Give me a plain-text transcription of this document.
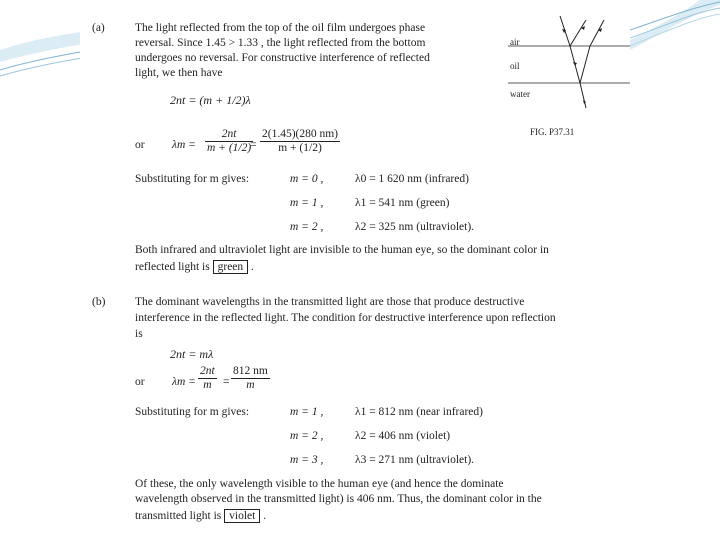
(a)	The light reflected from the top of the oil film undergoes phase
reversal. Since 1.45 > 1.33 , the light reflected from the bottom
undergoes no reversal. For constructive interference of reflected
light, we then have
2nt = (m + 1/2)λ
or $\lambda m = \frac{2nt}{m + (1/2)}$
= $\frac{2(1.45)(280 nm)}{m + (1/2)}$
Substituting for m gives:	m = 0 ,	λ0 = 1 620 nm (infrared)
m = 1 ,	λ1 = 541 nm (green)
m = 2 ,	λ2 = 325 nm (ultraviolet).
Both infrared and ultraviolet light are invisible to the human eye, so the dominant color in
reflected light is green .
air
oil
water
FIG. P37.31
(b)	The dominant wavelengths in the transmitted light are those that produce destructive
interference in the reflected light. The condition for destructive interference upon reflection
is
2nt = mλ
or $\lambda m = \frac{2nt}{m} = \frac{812 nm}{m}$
Substituting for m gives:	m = 1 ,	λ1 = 812 nm (near infrared)
m = 2 ,	λ2 = 406 nm (violet)
m = 3 ,	λ3 = 271 nm (ultraviolet).
Of these, the only wavelength visible to the human eye (and hence the dominate
wavelength observed in the transmitted light) is 406 nm. Thus, the dominant color in the
transmitted light is violet .
